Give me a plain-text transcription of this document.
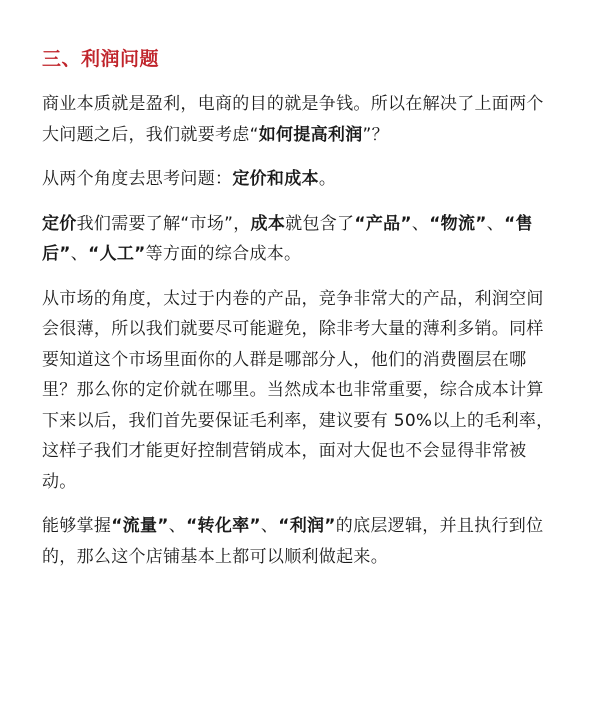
三、利润问题
商业本质就是盈利，电商的目的就是争钱。所以在解决了上面两个大问题之后，我们就要考虑“如何提高利润”？
从两个角度去思考问题：定价和成本。
定价我们需要了解“市场”，成本就包含了“产品”、“物流”、“售后”、“人工”等方面的综合成本。
从市场的角度，太过于内卷的产品，竞争非常大的产品，利润空间会很薄，所以我们就要尽可能避免，除非考大量的薄利多销。同样要知道这个市场里面你的人群是哪部分人，他们的消费圈层在哪里？那么你的定价就在哪里。当然成本也非常重要，综合成本计算下来以后，我们首先要保证毛利率，建议要有 50%以上的毛利率，这样子我们才能更好控制营销成本，面对大促也不会显得非常被动。
能够掌握“流量”、“转化率”、“利润”的底层逻辑，并且执行到位的，那么这个店铺基本上都可以顺利做起来。
